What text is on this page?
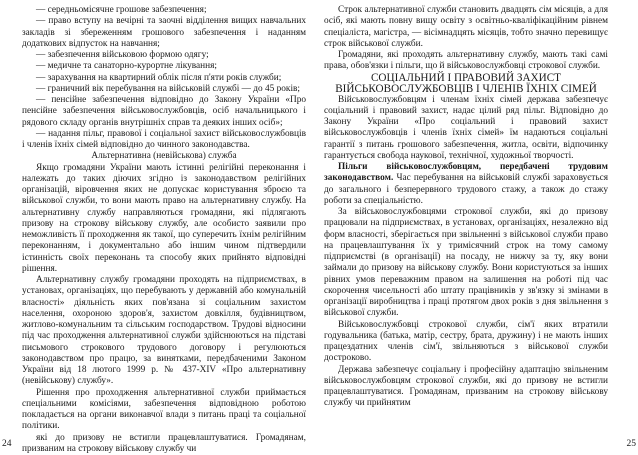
— середньомісячне грошове забезпечення;

— право вступу на вечірні та заочні відділення вищих навчальних закладів зі збереженням грошового забезпечення і наданням додаткових відпусток на навчання;

— забезпечення військовою формою одягу;

— медичне та санаторно-курортне лікування;

— зарахування на квартирний облік після п'яти років служби;

— граничний вік перебування на військовій службі — до 45 років;

— пенсійне забезпечення відповідно до Закону України «Про пенсійне забезпечення військовослужбовців, осіб начальницького і рядового складу органів внутрішніх справ та деяких інших осіб»;

— надання пільг, правової і соціальної захист військовослужбовців і членів їхніх сімей відповідно до чинного законодавства.

Альтернативна (невійськова) служба

Якщо громадяни України мають істинні релігійні переконання і належать до таких діючих згідно із законодавством релігійних організацій, віровчення яких не допускає користування зброєю та військової служби, то вони мають право на альтернативну службу. На альтернативну службу направляються громадяни, які підлягають призову на строкову військову службу, але особисто заявили про неможливість її проходження як такої, що суперечить їхнім релігійним переконанням, і документально або іншим чином підтвердили істинність своїх переконань та способу яких прийнято відповідні рішення.

Альтернативну службу громадяни проходять на підприємствах, в установах, організаціях, що перебувають у державній або комунальній власності» діяльність яких пов'язана зі соціальним захистом населення, охороною здоров'я, захистом довкілля, будівництвом, житлово-комунальним та сільським господарством. Трудові відносини під час проходження альтернативної служби здійснюються на підставі письмового строкового трудового договору і регулюються законодавством про працю, за винятками, передбаченими Законом України від 18 лютого 1999 р. № 437-ХІV «Про альтернативну (невійськову) службу».

Рішення про проходження альтернативної служби приймається спеціальними комісіями, забезпечення відповідною роботою покладається на органи виконавчої влади з питань праці та соціальної політики.

які до призову не встигли працевлаштуватися. Громадянам, призваним на строкову військову службу чи

24

Строк альтернативної служби становить двадцять сім місяців, а для осіб, які мають повну вищу освіту з освітньо-кваліфікаційним рівнем спеціаліста, магістра, — вісімнадцять місяців, тобто значно перевищує строк військової служби.

Громадяни, які проходять альтернативну службу, мають такі самі права, обов'язки і пільги, що й військовослужбовці строкової служби.

СОЦІАЛЬНИЙ І ПРАВОВИЙ ЗАХИСТ ВІЙСЬКОВОСЛУЖБОВЦІВ І ЧЛЕНІВ ЇХНІХ СІМЕЙ

Військовослужбовцям і членам їхніх сімей держава забезпечує соціальний і правовий захист, надає цілий ряд пільг. Відповідно до Закону України «Про соціальний і правовий захист військовослужбовців і членів їхніх сімей» їм надаються соціальні гарантії з питань грошового забезпечення, житла, освіти, відпочинку гарантується свобода наукової, технічної, художньої творчості.

Пільги військовослужбовцям, передбачені трудовим законодавством. Час перебування на військовій службі зараховується до загального і безперервного трудового стажу, а також до стажу роботи за спеціальністю.

За військовослужбовцями строкової служби, які до призову працювали на підприємствах, в установах, організаціях, незалежно від форм власності, зберігається при звільненні з військової служби право на працевлаштування їх у тримісячний строк на тому самому підприємстві (в організації) на посаду, не нижчу за ту, яку вони займали до призову на військову службу. Вони користуються за інших рівних умов переважним правом на залишення на роботі під час скорочення чисельності або штату працівників у зв'язку зі змінами в організації виробництва і праці протягом двох років з дня звільнення з військової служби.

Військовослужбовці строкової служби, сім'ї яких втратили годувальника (батька, матір, сестру, брата, дружину) і не мають інших працездатних членів сім'ї, звільняються з військової служби достроково.

Держава забезпечує соціальну і професійну адаптацію звільненим військовослужбовцям строкової служби, які до призову не встигли працевлаштуватися. Громадянам, призваним на строкову військову службу чи прийнятим

25
